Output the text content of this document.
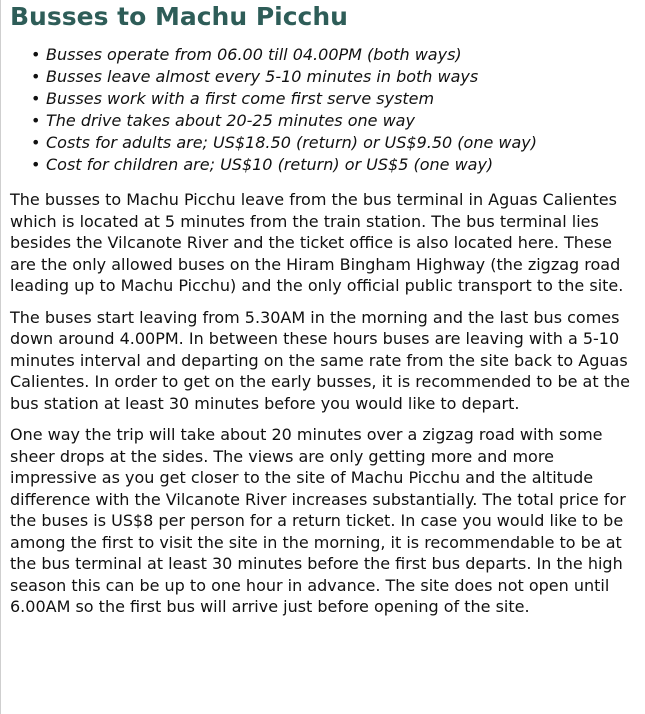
Busses to Machu Picchu
• Busses operate from 06.00 till 04.00PM (both ways)
• Busses leave almost every 5-10 minutes in both ways
• Busses work with a first come first serve system
• The drive takes about 20-25 minutes one way
• Costs for adults are; US$18.50 (return) or US$9.50 (one way)
• Cost for children are; US$10 (return) or US$5 (one way)

The busses to Machu Picchu leave from the bus terminal in Aguas Calientes which is located at 5 minutes from the train station. The bus terminal lies besides the Vilcanote River and the ticket office is also located here. These are the only allowed buses on the Hiram Bingham Highway (the zigzag road leading up to Machu Picchu) and the only official public transport to the site.

The buses start leaving from 5.30AM in the morning and the last bus comes down around 4.00PM. In between these hours buses are leaving with a 5-10 minutes interval and departing on the same rate from the site back to Aguas Calientes. In order to get on the early busses, it is recommended to be at the bus station at least 30 minutes before you would like to depart.

One way the trip will take about 20 minutes over a zigzag road with some sheer drops at the sides. The views are only getting more and more impressive as you get closer to the site of Machu Picchu and the altitude difference with the Vilcanote River increases substantially. The total price for the buses is US$8 per person for a return ticket. In case you would like to be among the first to visit the site in the morning, it is recommendable to be at the bus terminal at least 30 minutes before the first bus departs. In the high season this can be up to one hour in advance. The site does not open until 6.00AM so the first bus will arrive just before opening of the site.
